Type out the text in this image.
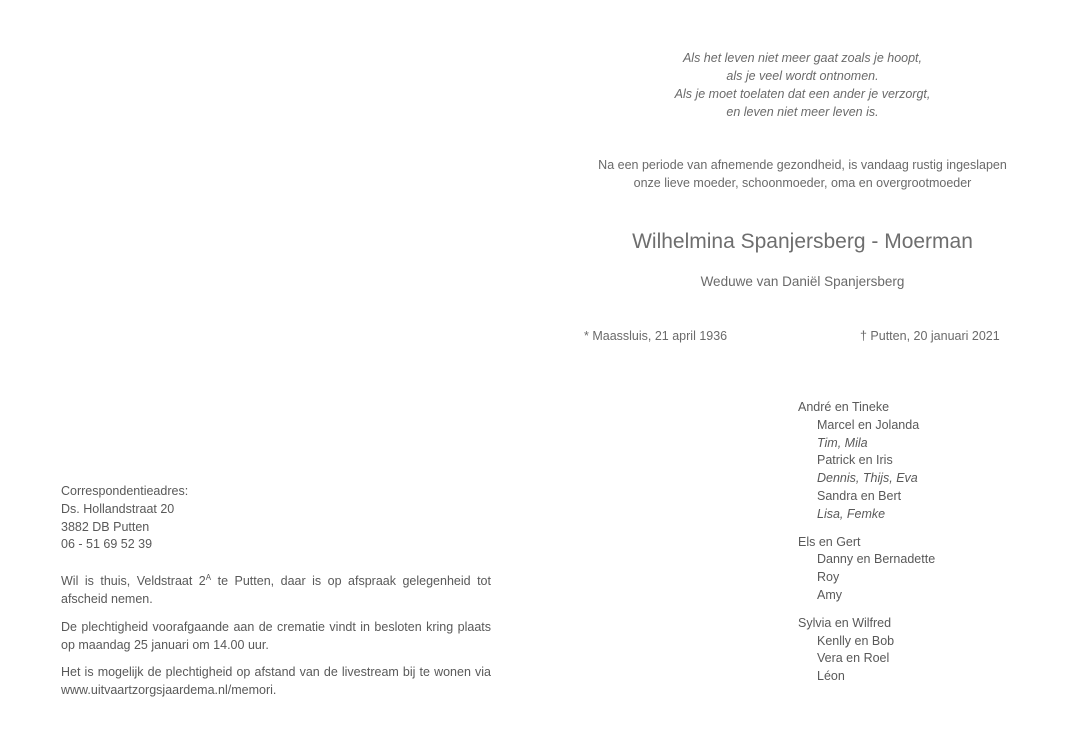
Als het leven niet meer gaat zoals je hoopt,
als je veel wordt ontnomen.
Als je moet toelaten dat een ander je verzorgt,
en leven niet meer leven is.
Na een periode van afnemende gezondheid, is vandaag rustig ingeslapen
onze lieve moeder, schoonmoeder, oma en overgrootmoeder
Wilhelmina Spanjersberg - Moerman
Weduwe van Daniël Spanjersberg
* Maassluis, 21 april 1936	† Putten, 20 januari 2021
André en Tineke
Marcel en Jolanda
Tim, Mila
Patrick en Iris
Dennis, Thijs, Eva
Sandra en Bert
Lisa, Femke
Els en Gert
Danny en Bernadette
Roy
Amy
Sylvia en Wilfred
Kenlly en Bob
Vera en Roel
Léon
Correspondentieadres:
Ds. Hollandstraat 20
3882 DB Putten
06 - 51 69 52 39
Wil is thuis, Veldstraat $2^A$ te Putten, daar is op afspraak gelegenheid tot afscheid nemen.
De plechtigheid voorafgaande aan de crematie vindt in besloten kring plaats op maandag 25 januari om 14.00 uur.
Het is mogelijk de plechtigheid op afstand van de livestream bij te wonen via www.uitvaartzorgsjaardema.nl/memori.
